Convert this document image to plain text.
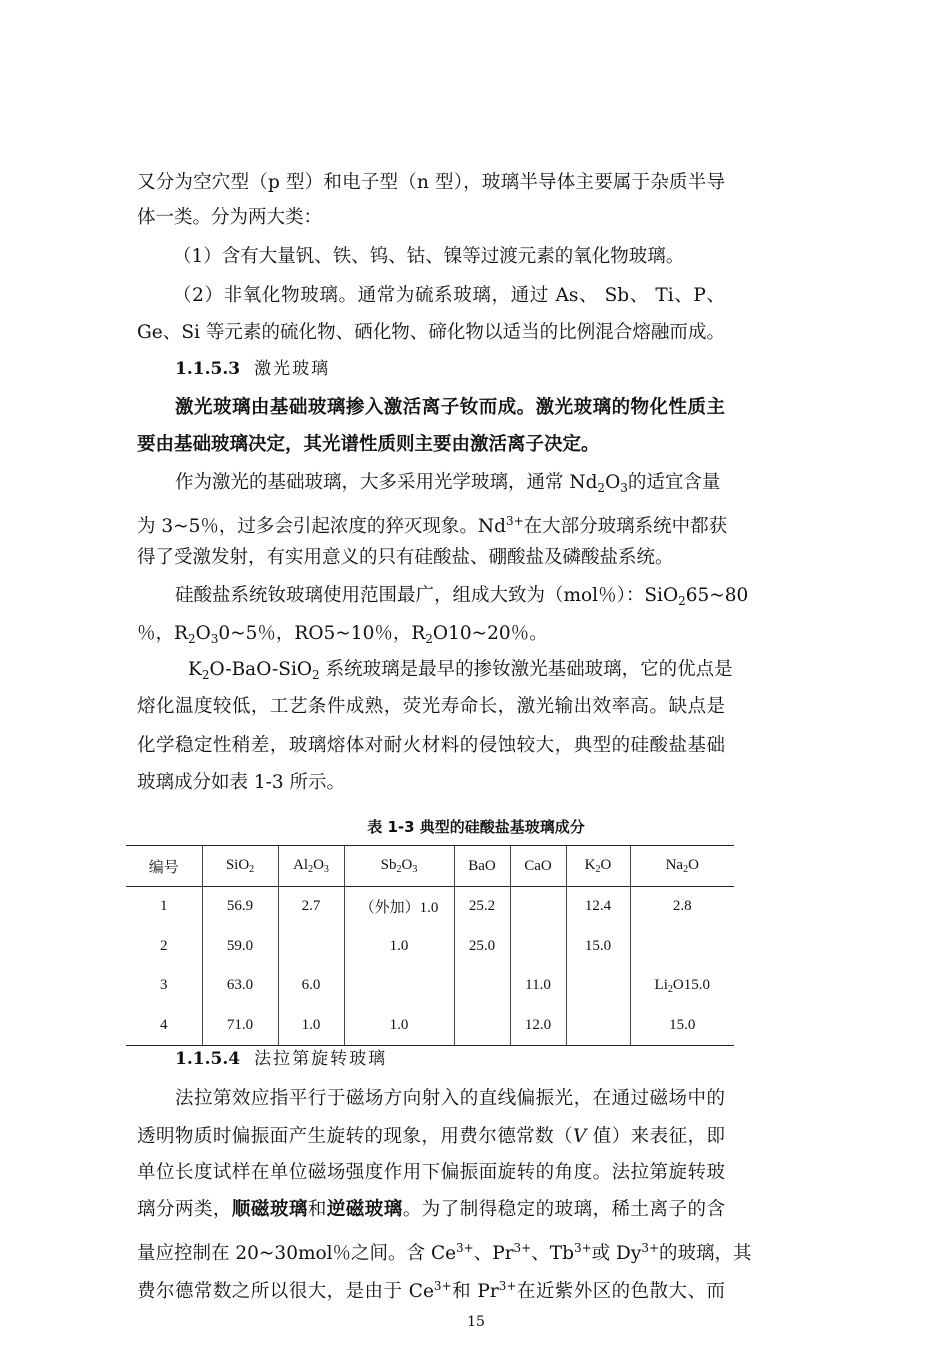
又分为空穴型（p 型）和电子型（n 型），玻璃半导体主要属于杂质半导
体一类。分为两大类：
（1）含有大量钒、铁、钨、钴、镍等过渡元素的氧化物玻璃。
（2）非氧化物玻璃。通常为硫系玻璃，通过 As、 Sb、 Ti、P、
Ge、Si 等元素的硫化物、硒化物、碲化物以适当的比例混合熔融而成。
1.1.5.3 激光玻璃
激光玻璃由基础玻璃掺入激活离子钕而成。激光玻璃的物化性质主
要由基础玻璃决定，其光谱性质则主要由激活离子决定。
作为激光的基础玻璃，大多采用光学玻璃，通常 $Nd_2O_3$的适宜含量
为 3~5％，过多会引起浓度的猝灭现象。$Nd^{3+}$在大部分玻璃系统中都获
得了受激发射，有实用意义的只有硅酸盐、硼酸盐及磷酸盐系统。
硅酸盐系统钕玻璃使用范围最广，组成大致为（mol％）：SiO$_2$65~80
％，$R_2O_30\sim 5$％，RO5~10％，$R_2O10\sim 20$％。
$K_2O-BaO-SiO_2$ 系统玻璃是最早的掺钕激光基础玻璃，它的优点是
熔化温度较低，工艺条件成熟，荧光寿命长，激光输出效率高。缺点是
化学稳定性稍差，玻璃熔体对耐火材料的侵蚀较大，典型的硅酸盐基础
玻璃成分如表 1-3 所示。
表 1-3 典型的硅酸盐基玻璃成分
编号	SiO$_2$	$Al_2O_3$	$Sb_2O_3$	BaO	CaO	$K_2O$	$Na_2O$
1	56.9	2.7	（外加）1.0	25.2		12.4	2.8
2	59.0		1.0	25.0		15.0	
3	63.0	6.0			11.0		$Li_2O15.0$
4	71.0	1.0	1.0		12.0		15.0
1.1.5.4 法拉第旋转玻璃
法拉第效应指平行于磁场方向射入的直线偏振光，在通过磁场中的
透明物质时偏振面产生旋转的现象，用费尔德常数（V 值）来表征，即
单位长度试样在单位磁场强度作用下偏振面旋转的角度。法拉第旋转玻
璃分两类，顺磁玻璃和逆磁玻璃。为了制得稳定的玻璃，稀土离子的含
量应控制在 20~30mol％之间。含 $Ce^{3+}$、$Pr^{3+}$、$Tb^{3+}$或 $Dy^{3+}$的玻璃，其
费尔德常数之所以很大，是由于 $Ce^{3+}$和 $Pr^{3+}$在近紫外区的色散大、而
15
